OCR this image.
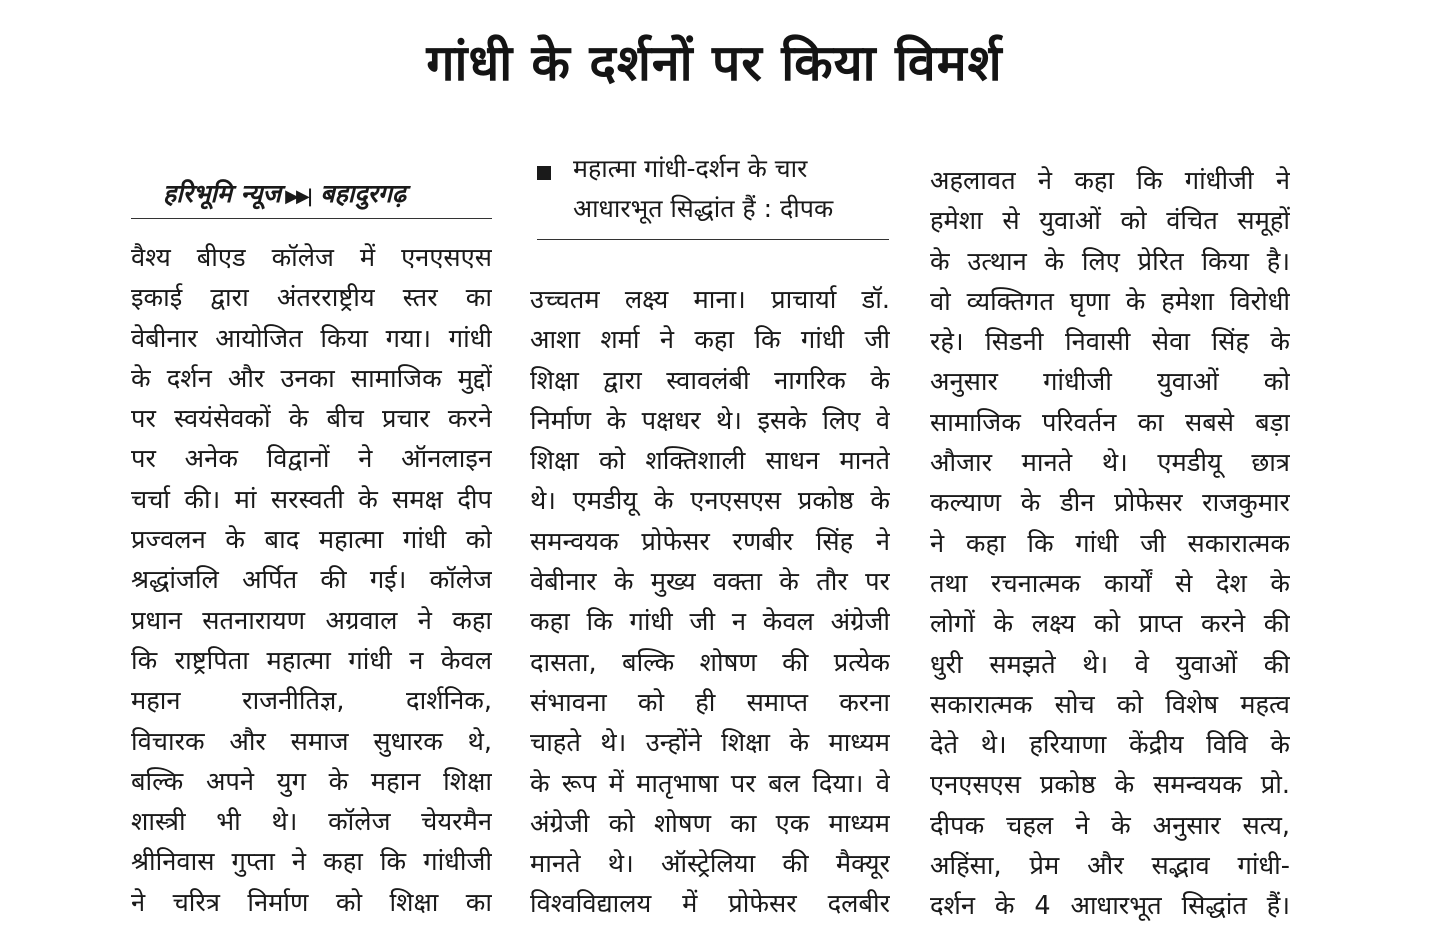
गांधी के दर्शनों पर किया विमर्श
हरिभूमि न्यूज ▶▶| बहादुरगढ़
महात्मा गांधी-दर्शन के चार
आधारभूत सिद्धांत हैं : दीपक
वैश्य बीएड कॉलेज में एनएसएस
इकाई द्वारा अंतरराष्ट्रीय स्तर का
वेबीनार आयोजित किया गया। गांधी
के दर्शन और उनका सामाजिक मुद्दों
पर स्वयंसेवकों के बीच प्रचार करने
पर अनेक विद्वानों ने ऑनलाइन
चर्चा की। मां सरस्वती के समक्ष दीप
प्रज्वलन के बाद महात्मा गांधी को
श्रद्धांजलि अर्पित की गई। कॉलेज
प्रधान सतनारायण अग्रवाल ने कहा
कि राष्ट्रपिता महात्मा गांधी न केवल
महान राजनीतिज्ञ, दार्शनिक,
विचारक और समाज सुधारक थे,
बल्कि अपने युग के महान शिक्षा
शास्त्री भी थे। कॉलेज चेयरमैन
श्रीनिवास गुप्ता ने कहा कि गांधीजी
ने चरित्र निर्माण को शिक्षा का
उच्चतम लक्ष्य माना। प्राचार्या डॉ.
आशा शर्मा ने कहा कि गांधी जी
शिक्षा द्वारा स्वावलंबी नागरिक के
निर्माण के पक्षधर थे। इसके लिए वे
शिक्षा को शक्तिशाली साधन मानते
थे। एमडीयू के एनएसएस प्रकोष्ठ के
समन्वयक प्रोफेसर रणबीर सिंह ने
वेबीनार के मुख्य वक्ता के तौर पर
कहा कि गांधी जी न केवल अंग्रेजी
दासता, बल्कि शोषण की प्रत्येक
संभावना को ही समाप्त करना
चाहते थे। उन्होंने शिक्षा के माध्यम
के रूप में मातृभाषा पर बल दिया। वे
अंग्रेजी को शोषण का एक माध्यम
मानते थे। ऑस्ट्रेलिया की मैक्यूर
विश्वविद्यालय में प्रोफेसर दलबीर
अहलावत ने कहा कि गांधीजी ने
हमेशा से युवाओं को वंचित समूहों
के उत्थान के लिए प्रेरित किया है।
वो व्यक्तिगत घृणा के हमेशा विरोधी
रहे। सिडनी निवासी सेवा सिंह के
अनुसार गांधीजी युवाओं को
सामाजिक परिवर्तन का सबसे बड़ा
औजार मानते थे। एमडीयू छात्र
कल्याण के डीन प्रोफेसर राजकुमार
ने कहा कि गांधी जी सकारात्मक
तथा रचनात्मक कार्यों से देश के
लोगों के लक्ष्य को प्राप्त करने की
धुरी समझते थे। वे युवाओं की
सकारात्मक सोच को विशेष महत्व
देते थे। हरियाणा केंद्रीय विवि के
एनएसएस प्रकोष्ठ के समन्वयक प्रो.
दीपक चहल ने के अनुसार सत्य,
अहिंसा, प्रेम और सद्भाव गांधी-
दर्शन के 4 आधारभूत सिद्धांत हैं।
